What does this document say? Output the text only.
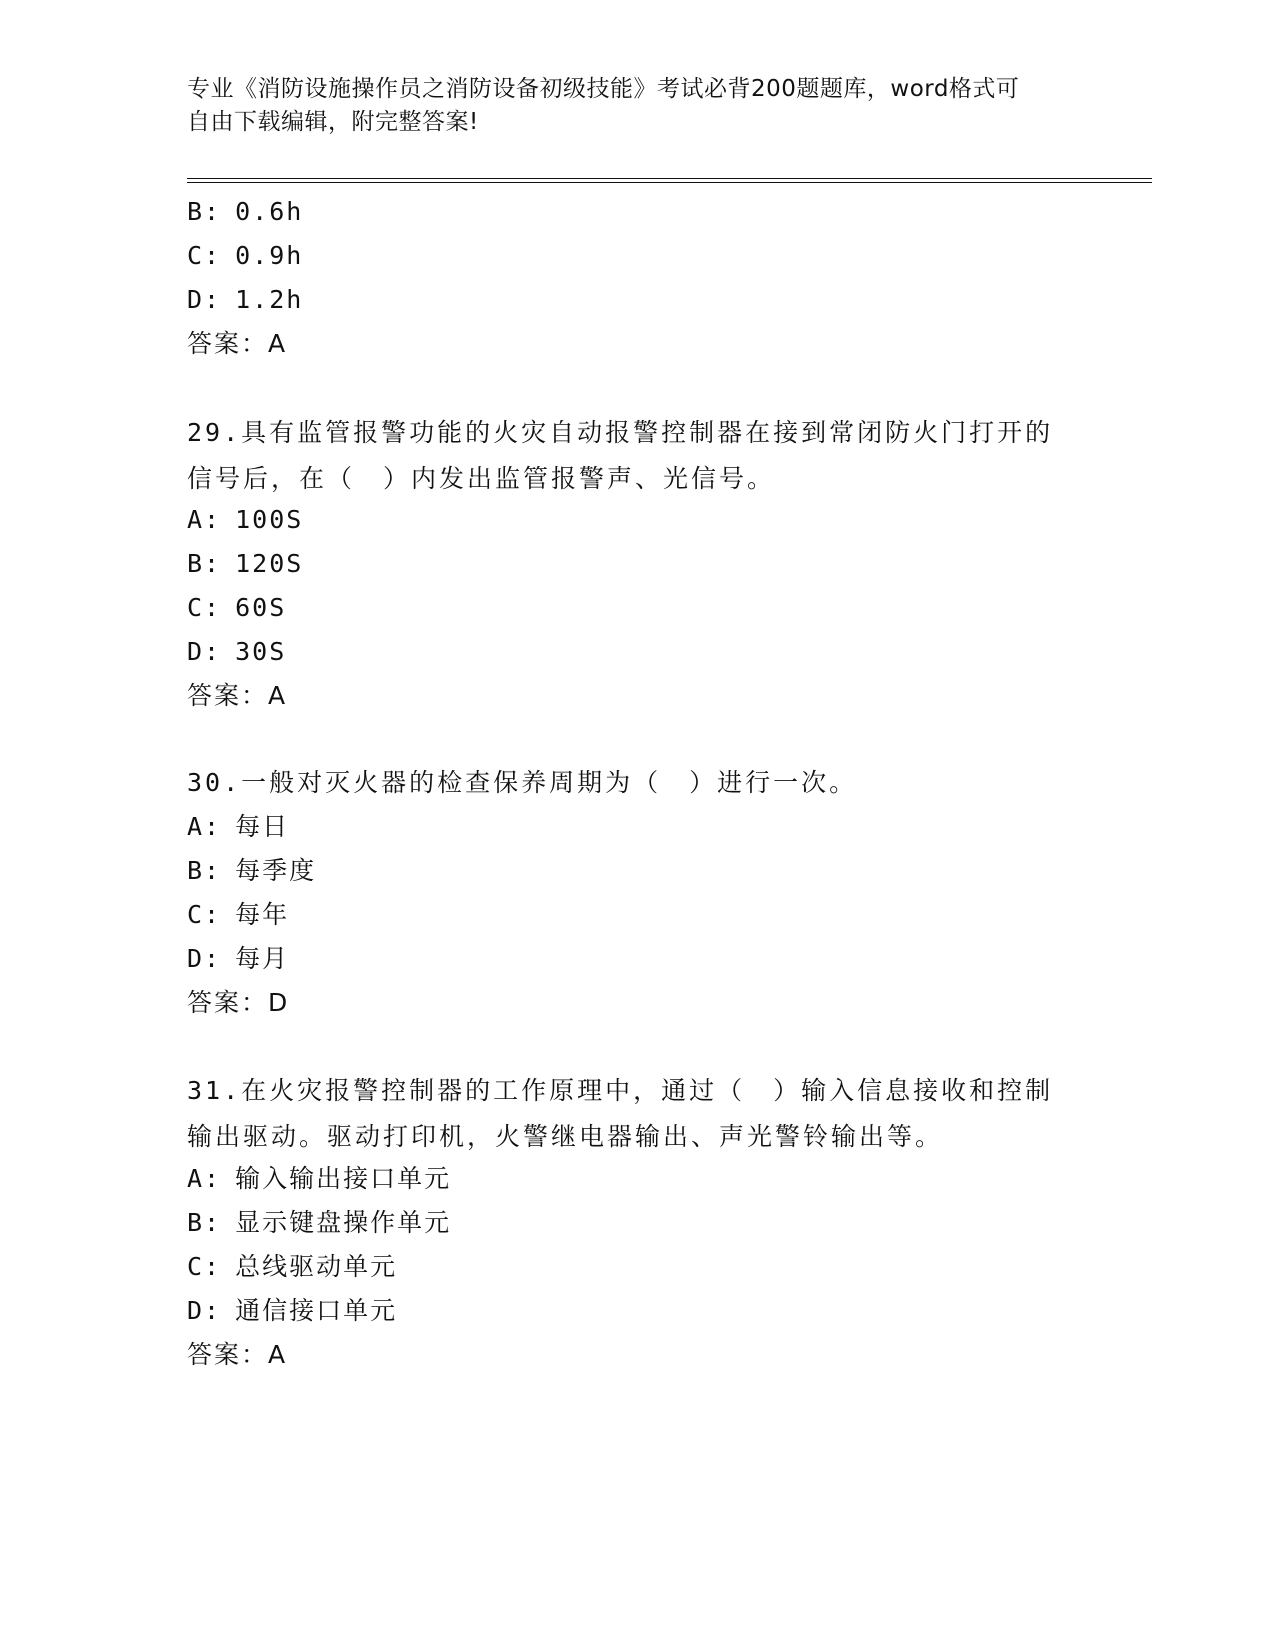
专业《消防设施操作员之消防设备初级技能》考试必背200题题库，word格式可
自由下载编辑，附完整答案!
B: 0.6h
C: 0.9h
D: 1.2h
答案：A
29.具有监管报警功能的火灾自动报警控制器在接到常闭防火门打开的
信号后，在（　）内发出监管报警声、光信号。
A: 100S
B: 120S
C: 60S
D: 30S
答案：A
30.一般对灭火器的检查保养周期为（　）进行一次。
A: 每日
B: 每季度
C: 每年
D: 每月
答案：D
31.在火灾报警控制器的工作原理中，通过（　）输入信息接收和控制
输出驱动。驱动打印机，火警继电器输出、声光警铃输出等。
A: 输入输出接口单元
B: 显示键盘操作单元
C: 总线驱动单元
D: 通信接口单元
答案：A
